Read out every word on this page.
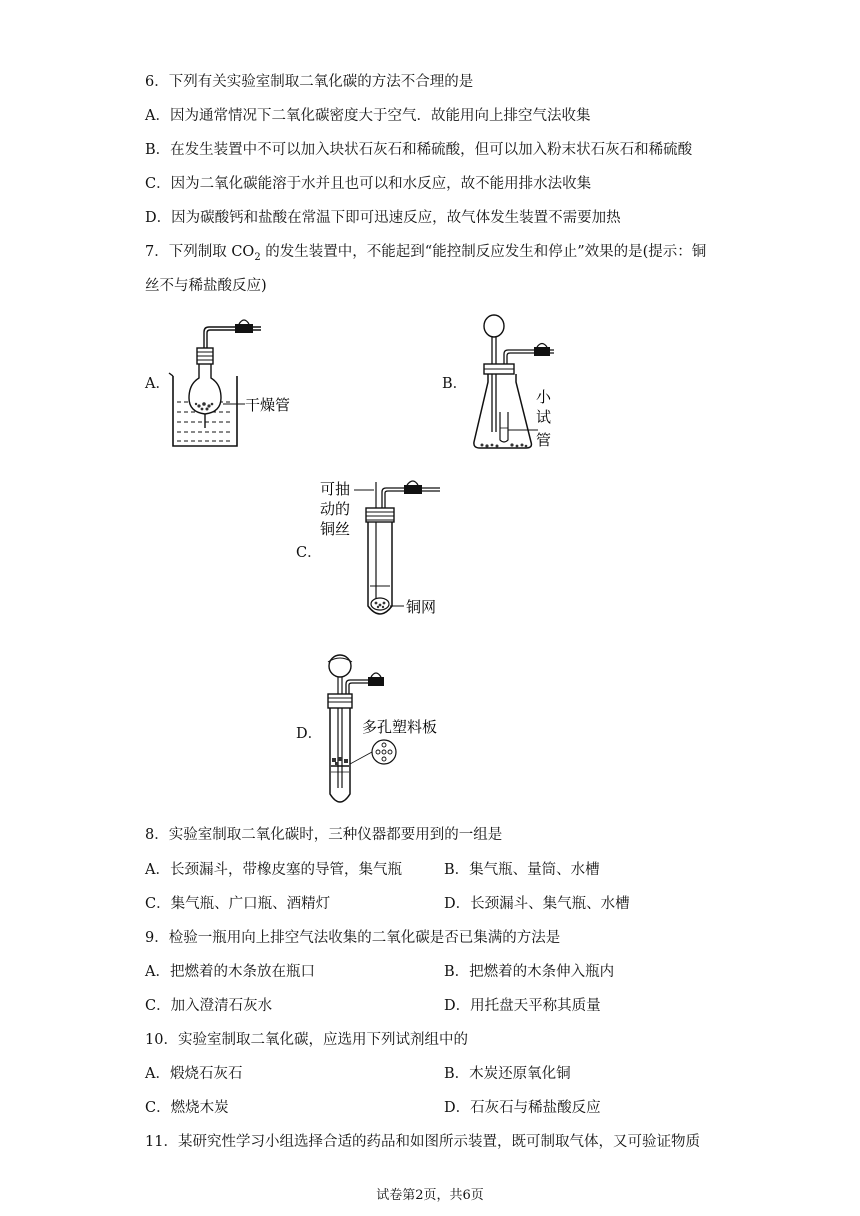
6．下列有关实验室制取二氧化碳的方法不合理的是
A．因为通常情况下二氧化碳密度大于空气．故能用向上排空气法收集
B．在发生装置中不可以加入块状石灰石和稀硫酸，但可以加入粉末状石灰石和稀硫酸
C．因为二氧化碳能溶于水并且也可以和水反应，故不能用排水法收集
D．因为碳酸钙和盐酸在常温下即可迅速反应，故气体发生装置不需要加热
7．下列制取 $CO_2$ 的发生装置中，不能起到“能控制反应发生和停止”效果的是(提示：铜
丝不与稀盐酸反应)
A．	B．
C．
D．
干燥管	小
试
管
可抽
动的
铜丝
铜网
多孔塑料板
8．实验室制取二氧化碳时，三种仪器都要用到的一组是
A．长颈漏斗，带橡皮塞的导管，集气瓶	B．集气瓶、量筒、水槽
C．集气瓶、广口瓶、酒精灯	D．长颈漏斗、集气瓶、水槽
9．检验一瓶用向上排空气法收集的二氧化碳是否已集满的方法是
A．把燃着的木条放在瓶口	B．把燃着的木条伸入瓶内
C．加入澄清石灰水	D．用托盘天平称其质量
10．实验室制取二氧化碳，应选用下列试剂组中的
A．煅烧石灰石	B．木炭还原氧化铜
C．燃烧木炭	D．石灰石与稀盐酸反应
11．某研究性学习小组选择合适的药品和如图所示装置，既可制取气体，又可验证物质
试卷第2页，共6页
